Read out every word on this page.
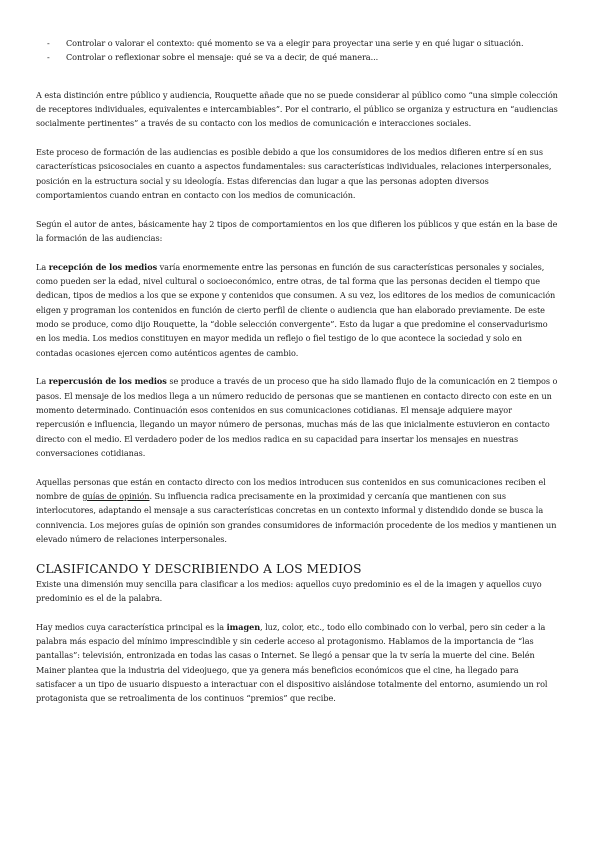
-	Controlar o valorar el contexto: qué momento se va a elegir para proyectar una serie y en qué lugar o situación.
-	Controlar o reflexionar sobre el mensaje: qué se va a decir, de qué manera...

A esta distinción entre público y audiencia, Rouquette añade que no se puede considerar al público como “una simple colección de receptores individuales, equivalentes e intercambiables”. Por el contrario, el público se organiza y estructura en “audiencias socialmente pertinentes” a través de su contacto con los medios de comunicación e interacciones sociales.

Este proceso de formación de las audiencias es posible debido a que los consumidores de los medios difieren entre sí en sus características psicosociales en cuanto a aspectos fundamentales: sus características individuales, relaciones interpersonales, posición en la estructura social y su ideología. Estas diferencias dan lugar a que las personas adopten diversos comportamientos cuando entran en contacto con los medios de comunicación.

Según el autor de antes, básicamente hay 2 tipos de comportamientos en los que difieren los públicos y que están en la base de la formación de las audiencias:

La recepción de los medios varía enormemente entre las personas en función de sus características personales y sociales, como pueden ser la edad, nivel cultural o socioeconómico, entre otras, de tal forma que las personas deciden el tiempo que dedican, tipos de medios a los que se expone y contenidos que consumen. A su vez, los editores de los medios de comunicación eligen y programan los contenidos en función de cierto perfil de cliente o audiencia que han elaborado previamente. De este modo se produce, como dijo Rouquette, la “doble selección convergente”. Esto da lugar a que predomine el conservadurismo en los media. Los medios constituyen en mayor medida un reflejo o fiel testigo de lo que acontece la sociedad y solo en contadas ocasiones ejercen como auténticos agentes de cambio.

La repercusión de los medios se produce a través de un proceso que ha sido llamado flujo de la comunicación en 2 tiempos o pasos. El mensaje de los medios llega a un número reducido de personas que se mantienen en contacto directo con este en un momento determinado. Continuación esos contenidos en sus comunicaciones cotidianas. El mensaje adquiere mayor repercusión e influencia, llegando un mayor número de personas, muchas más de las que inicialmente estuvieron en contacto directo con el medio. El verdadero poder de los medios radica en su capacidad para insertar los mensajes en nuestras conversaciones cotidianas.

Aquellas personas que están en contacto directo con los medios introducen sus contenidos en sus comunicaciones reciben el nombre de guías de opinión. Su influencia radica precisamente en la proximidad y cercanía que mantienen con sus interlocutores, adaptando el mensaje a sus características concretas en un contexto informal y distendido donde se busca la connivencia. Los mejores guías de opinión son grandes consumidores de información procedente de los medios y mantienen un elevado número de relaciones interpersonales.

CLASIFICANDO Y DESCRIBIENDO A LOS MEDIOS

Existe una dimensión muy sencilla para clasificar a los medios: aquellos cuyo predominio es el de la imagen y aquellos cuyo predominio es el de la palabra.

Hay medios cuya característica principal es la imagen, luz, color, etc., todo ello combinado con lo verbal, pero sin ceder a la palabra más espacio del mínimo imprescindible y sin cederle acceso al protagonismo. Hablamos de la importancia de “las pantallas”: televisión, entronizada en todas las casas o Internet. Se llegó a pensar que la tv sería la muerte del cine. Belén Mainer plantea que la industria del videojuego, que ya genera más beneficios económicos que el cine, ha llegado para satisfacer a un tipo de usuario dispuesto a interactuar con el dispositivo aislándose totalmente del entorno, asumiendo un rol protagonista que se retroalimenta de los continuos “premios” que recibe.
